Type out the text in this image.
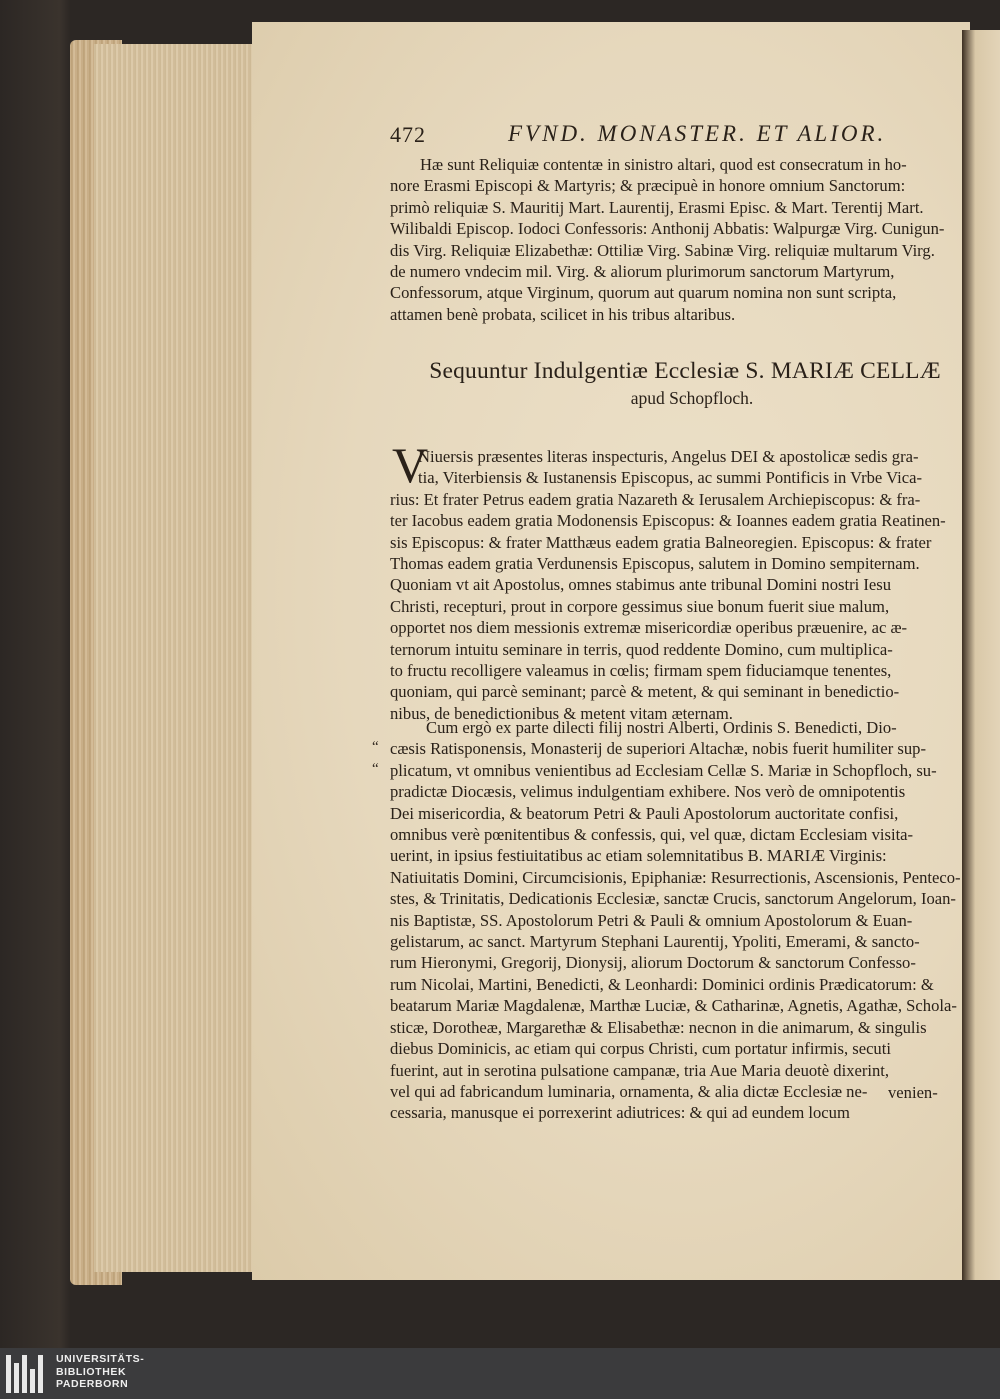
472	FVND. MONASTER. ET ALIOR.
Hæ sunt Reliquiæ contentæ in sinistro altari, quod est consecratum in ho-
nore Erasmi Episcopi & Martyris; & præcipuè in honore omnium Sanctorum:
primò reliquiæ S. Mauritij Mart. Laurentij, Erasmi Episc. & Mart. Terentij Mart.
Wilibaldi Episcop. Iodoci Confessoris: Anthonij Abbatis: Walpurgæ Virg. Cunigun-
dis Virg. Reliquiæ Elizabethæ: Ottiliæ Virg. Sabinæ Virg. reliquiæ multarum Virg.
de numero vndecim mil. Virg. & aliorum plurimorum sanctorum Martyrum,
Confessorum, atque Virginum, quorum aut quarum nomina non sunt scripta,
attamen benè probata, scilicet in his tribus altaribus.
Sequuntur Indulgentiæ Ecclesiæ S. MARIÆ CELLÆ
apud Schopfloch.
V
Niuersis præsentes literas inspecturis, Angelus DEI & apostolicæ sedis gra-
tia, Viterbiensis & Iustanensis Episcopus, ac summi Pontificis in Vrbe Vica-
rius: Et frater Petrus eadem gratia Nazareth & Ierusalem Archiepiscopus: & fra-
ter Iacobus eadem gratia Modonensis Episcopus: & Ioannes eadem gratia Reatinen-
sis Episcopus: & frater Matthæus eadem gratia Balneoregien. Episcopus: & frater
Thomas eadem gratia Verdunensis Episcopus, salutem in Domino sempiternam.
Quoniam vt ait Apostolus, omnes stabimus ante tribunal Domini nostri Iesu
Christi, recepturi, prout in corpore gessimus siue bonum fuerit siue malum,
opportet nos diem messionis extremæ misericordiæ operibus præuenire, ac æ-
ternorum intuitu seminare in terris, quod reddente Domino, cum multiplica-
to fructu recolligere valeamus in cœlis; firmam spem fiduciamque tenentes,
quoniam, qui parcè seminant; parcè & metent, & qui seminant in benedictio-
nibus, de benedictionibus & metent vitam æternam.
“
“
Cum ergò ex parte dilecti filij nostri Alberti, Ordinis S. Benedicti, Dio-
cæsis Ratisponensis, Monasterij de superiori Altachæ, nobis fuerit humiliter sup-
plicatum, vt omnibus venientibus ad Ecclesiam Cellæ S. Mariæ in Schopfloch, su-
pradictæ Diocæsis, velimus indulgentiam exhibere. Nos verò de omnipotentis
Dei misericordia, & beatorum Petri & Pauli Apostolorum auctoritate confisi,
omnibus verè pœnitentibus & confessis, qui, vel quæ, dictam Ecclesiam visita-
uerint, in ipsius festiuitatibus ac etiam solemnitatibus B. MARIÆ Virginis:
Natiuitatis Domini, Circumcisionis, Epiphaniæ: Resurrectionis, Ascensionis, Penteco-
stes, & Trinitatis, Dedicationis Ecclesiæ, sanctæ Crucis, sanctorum Angelorum, Ioan-
nis Baptistæ, SS. Apostolorum Petri & Pauli & omnium Apostolorum & Euan-
gelistarum, ac sanct. Martyrum Stephani Laurentij, Ypoliti, Emerami, & sancto-
rum Hieronymi, Gregorij, Dionysij, aliorum Doctorum & sanctorum Confesso-
rum Nicolai, Martini, Benedicti, & Leonhardi: Dominici ordinis Prædicatorum: &
beatarum Mariæ Magdalenæ, Marthæ Luciæ, & Catharinæ, Agnetis, Agathæ, Schola-
sticæ, Dorotheæ, Margarethæ & Elisabethæ: necnon in die animarum, & singulis
diebus Dominicis, ac etiam qui corpus Christi, cum portatur infirmis, secuti
fuerint, aut in serotina pulsatione campanæ, tria Aue Maria deuotè dixerint,
vel qui ad fabricandum luminaria, ornamenta, & alia dictæ Ecclesiæ ne-
cessaria, manusque ei porrexerint adiutrices: & qui ad eundem locum
venien-
UNIVERSITÄTS-
BIBLIOTHEK
PADERBORN
